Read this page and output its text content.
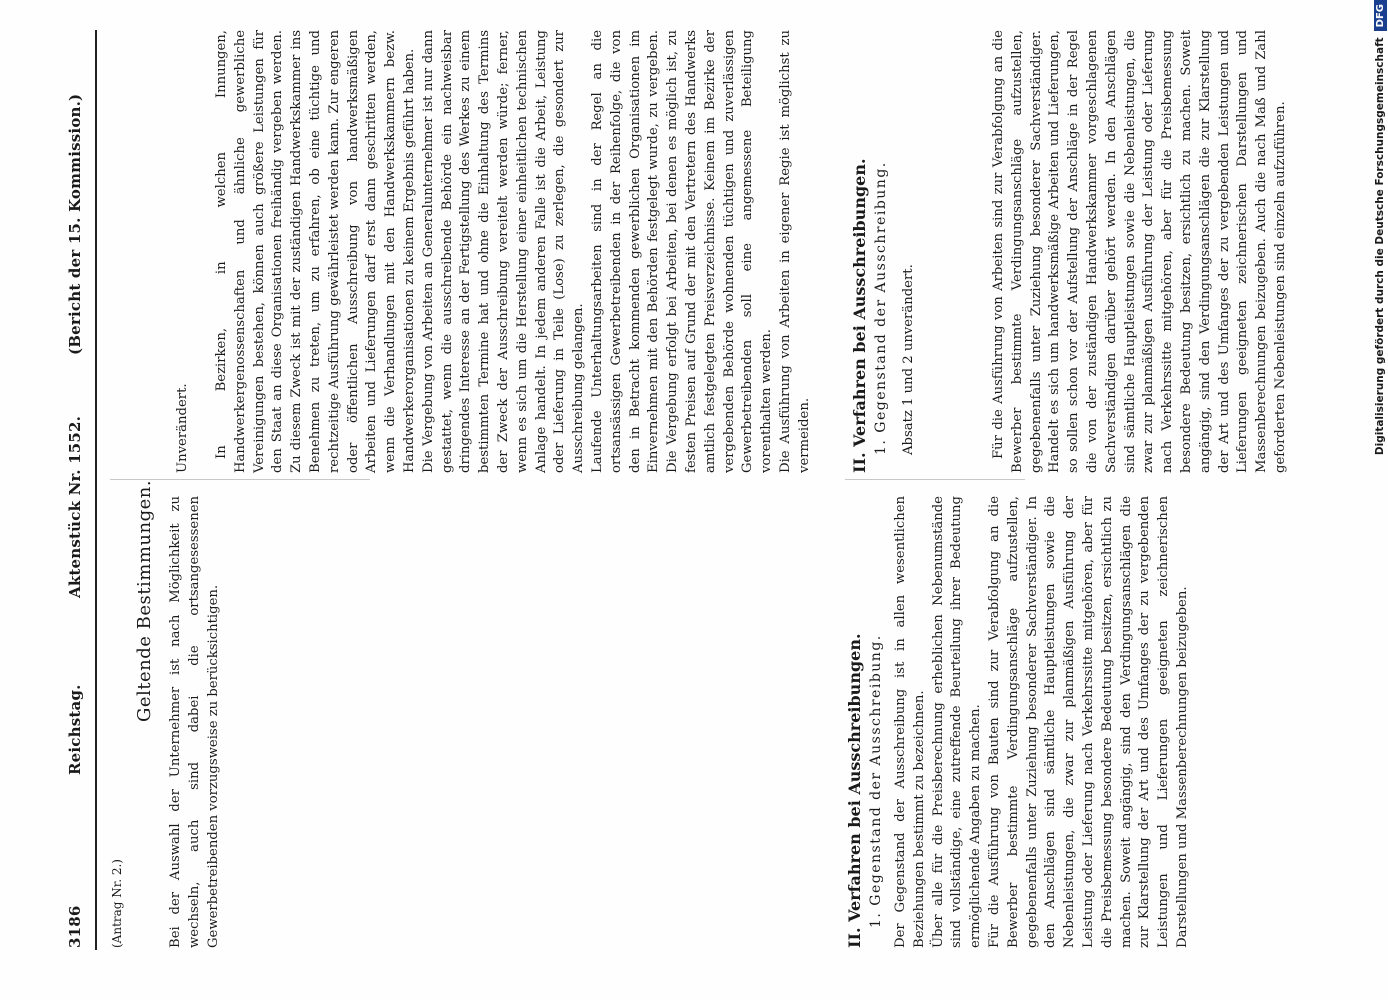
3186
Reichstag.
Aktenstück Nr. 1552.
(Bericht der 15. Kommission.)
(Antrag Nr. 2.)
Geltende Bestimmungen. Bei der Auswahl der Unternehmer ist nach Möglichkeit zu wechseln, auch sind dabei die ortsangesessenen Gewerbetreibenden vorzugsweise zu berücksichtigen.	II. Verfahren bei Ausschreibungen. 1. Gegenstand der Ausschreibung.
Der Gegenstand der Ausschreibung ist in allen wesentlichen Beziehungen bestimmt zu bezeichnen.
Über alle für die Preisberechnung erheblichen Nebenumstände sind vollständige, eine zutreffende Beurteilung ihrer Bedeutung ermöglichende Angaben zu machen.
Für die Ausführung von Bauten sind zur Verabfolgung an die Bewerber bestimmte Verdingungsanschläge aufzustellen, gegebenenfalls unter Zuziehung besonderer Sachverständiger. In den Anschlägen sind sämtliche Hauptleistungen sowie die Nebenleistungen, die zwar zur planmäßigen Ausführung der Leistung oder Lieferung nach Verkehrssitte mitgehören, aber für die Preisbemessung besondere Bedeutung besitzen, ersichtlich zu machen. Soweit angängig, sind den Verdingungsanschlägen die zur Klarstellung der Art und des Umfanges der zu vergebenden Leistungen und Lieferungen geeigneten zeichnerischen Darstellungen und Massenberechnungen beizugeben.
Unverändert. In Bezirken, in welchen Innungen, Handwerkergenossenschaften und ähnliche gewerbliche Vereinigungen bestehen, können auch größere Leistungen für den Staat an diese Organisationen freihändig vergeben werden. Zu diesem Zweck ist mit der zuständigen Handwerkskammer ins Benehmen zu treten, um zu erfahren, ob eine tüchtige und rechtzeitige Ausführung gewährleistet werden kann. Zur engeren oder öffentlichen Ausschreibung von handwerksmäßigen Arbeiten und Lieferungen darf erst dann geschritten werden, wenn die Verhandlungen mit den Handwerkskammern bezw. Handwerkerorganisationen zu keinem Ergebnis geführt haben.
Die Vergebung von Arbeiten an Generalunternehmer ist nur dann gestattet, wenn die ausschreibende Behörde ein nachweisbar dringendes Interesse an der Fertigstellung des Werkes zu einem bestimmten Termine hat und ohne die Einhaltung des Termins der Zweck der Ausschreibung vereitelt werden würde; ferner, wenn es sich um die Herstellung einer einheitlichen technischen Anlage handelt. In jedem anderen Falle ist die Arbeit, Leistung oder Lieferung in Teile (Lose) zu zerlegen, die gesondert zur Ausschreibung gelangen.
Laufende Unterhaltungsarbeiten sind in der Regel an die ortsansässigen Gewerbetreibenden in der Reihenfolge, die von den in Betracht kommenden gewerblichen Organisationen im Einvernehmen mit den Behörden festgelegt wurde, zu vergeben. Die Vergebung erfolgt bei Arbeiten, bei denen es möglich ist, zu festen Preisen auf Grund der mit den Vertretern des Handwerks amtlich festgelegten Preisverzeichnisse. Keinem im Bezirke der vergebenden Behörde wohnenden tüchtigen und zuverlässigen Gewerbetreibenden soll eine angemessene Beteiligung vorenthalten werden.
Die Ausführung von Arbeiten in eigener Regie ist möglichst zu vermeiden. II. Verfahren bei Ausschreibungen. 1. Gegenstand der Ausschreibung. Absatz 1 und 2 unverändert.	Für die Ausführung von Arbeiten sind zur Verabfolgung an die Bewerber bestimmte Verdingungsanschläge aufzustellen, gegebenenfalls unter Zuziehung besonderer Sachverständiger. Handelt es sich um handwerksmäßige Arbeiten und Lieferungen, so sollen schon vor der Aufstellung der Anschläge in der Regel die von der zuständigen Handwerkskammer vorgeschlagenen Sachverständigen darüber gehört werden. In den Anschlägen sind sämtliche Hauptleistungen sowie die Nebenleistungen, die zwar zur planmäßigen Ausführung der Leistung oder Lieferung nach Verkehrssitte mitgehören, aber für die Preisbemessung besondere Bedeutung besitzen, ersichtlich zu machen. Soweit angängig, sind den Verdingungsanschlägen die zur Klarstellung der Art und des Umfanges der zu vergebenden Leistungen und Lieferungen geeigneten zeichnerischen Darstellungen und Massenberechnungen beizugeben. Auch die nach Maß und Zahl geforderten Nebenleistungen sind einzeln aufzuführen.	Digitalisierung gefördert durch die Deutsche ForschungsgemeinschaftDFG
